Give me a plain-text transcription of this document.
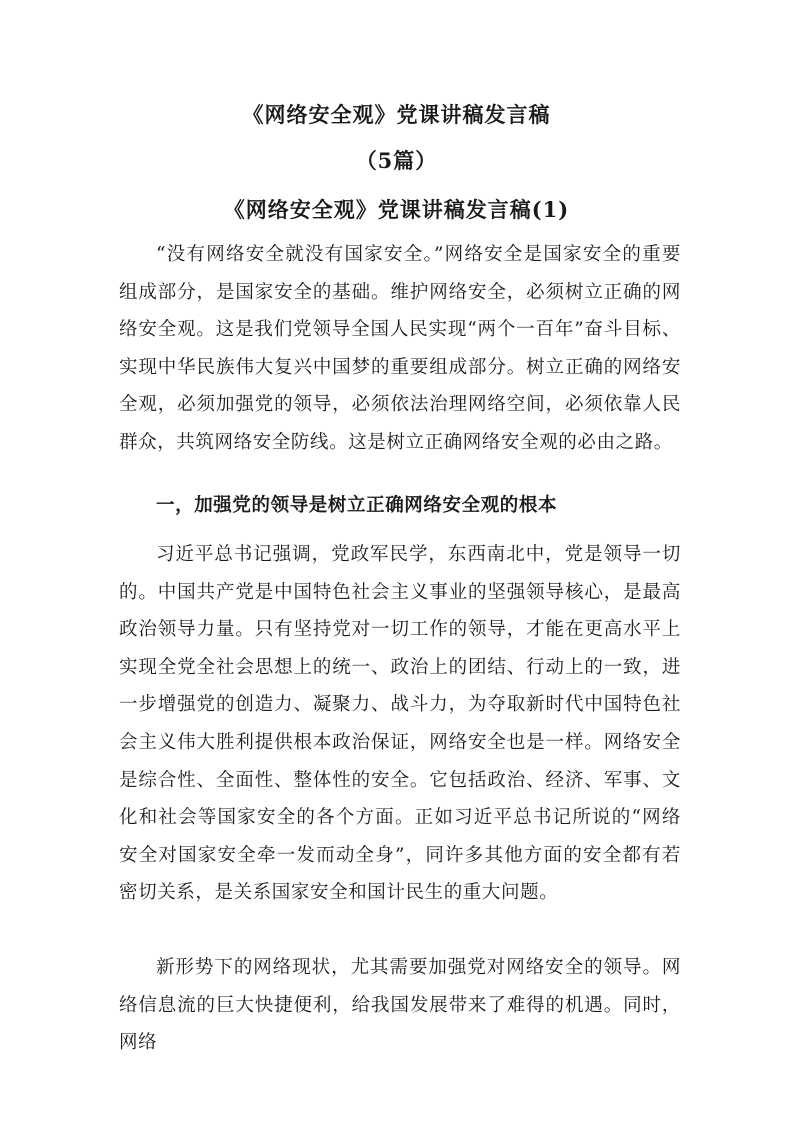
《网络安全观》党课讲稿发言稿
（5篇）
《网络安全观》党课讲稿发言稿(1)

“没有网络安全就没有国家安全。”网络安全是国家安全的重要组成部分，是国家安全的基础。维护网络安全，必须树立正确的网络安全观。这是我们党领导全国人民实现“两个一百年”奋斗目标、实现中华民族伟大复兴中国梦的重要组成部分。树立正确的网络安全观，必须加强党的领导，必须依法治理网络空间，必须依靠人民群众，共筑网络安全防线。这是树立正确网络安全观的必由之路。

一，加强党的领导是树立正确网络安全观的根本

习近平总书记强调，党政军民学，东西南北中，党是领导一切的。中国共产党是中国特色社会主义事业的坚强领导核心，是最高政治领导力量。只有坚持党对一切工作的领导，才能在更高水平上实现全党全社会思想上的统一、政治上的团结、行动上的一致，进一步增强党的创造力、凝聚力、战斗力，为夺取新时代中国特色社会主义伟大胜利提供根本政治保证，网络安全也是一样。网络安全是综合性、全面性、整体性的安全。它包括政治、经济、军事、文化和社会等国家安全的各个方面。正如习近平总书记所说的“网络安全对国家安全牵一发而动全身”，同许多其他方面的安全都有若密切关系，是关系国家安全和国计民生的重大问题。

新形势下的网络现状，尤其需要加强党对网络安全的领导。网络信息流的巨大快捷便利，给我国发展带来了难得的机遇。同时，网络
